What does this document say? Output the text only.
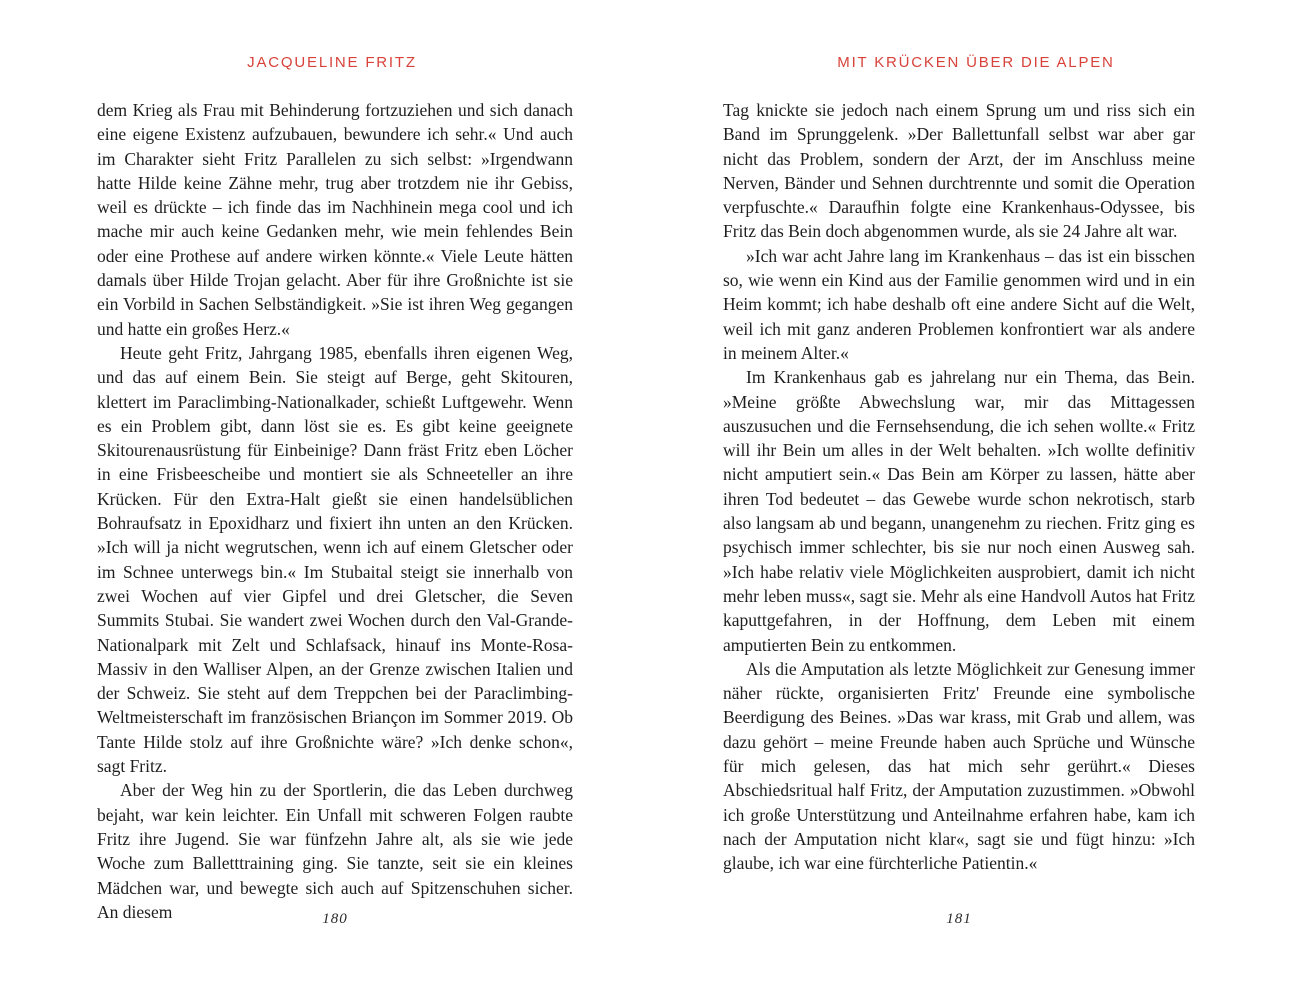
JACQUELINE FRITZ

dem Krieg als Frau mit Behinderung fortzuziehen und sich danach eine eigene Existenz aufzubauen, bewundere ich sehr.« Und auch im Charakter sieht Fritz Parallelen zu sich selbst: »Irgendwann hatte Hilde keine Zähne mehr, trug aber trotzdem nie ihr Gebiss, weil es drückte – ich finde das im Nachhinein mega cool und ich mache mir auch keine Gedanken mehr, wie mein fehlendes Bein oder eine Prothese auf andere wirken könnte.« Viele Leute hätten damals über Hilde Trojan gelacht. Aber für ihre Großnichte ist sie ein Vorbild in Sachen Selbständigkeit. »Sie ist ihren Weg gegangen und hatte ein großes Herz.«

Heute geht Fritz, Jahrgang 1985, ebenfalls ihren eigenen Weg, und das auf einem Bein. Sie steigt auf Berge, geht Skitouren, klettert im Paraclimbing-Nationalkader, schießt Luftgewehr. Wenn es ein Problem gibt, dann löst sie es. Es gibt keine geeignete Skitourenausrüstung für Einbeinige? Dann fräst Fritz eben Löcher in eine Frisbeescheibe und montiert sie als Schneeteller an ihre Krücken. Für den Extra-Halt gießt sie einen handelsüblichen Bohraufsatz in Epoxidharz und fixiert ihn unten an den Krücken. »Ich will ja nicht wegrutschen, wenn ich auf einem Gletscher oder im Schnee unterwegs bin.« Im Stubaital steigt sie innerhalb von zwei Wochen auf vier Gipfel und drei Gletscher, die Seven Summits Stubai. Sie wandert zwei Wochen durch den Val-Grande-Nationalpark mit Zelt und Schlafsack, hinauf ins Monte-Rosa-Massiv in den Walliser Alpen, an der Grenze zwischen Italien und der Schweiz. Sie steht auf dem Treppchen bei der Paraclimbing-Weltmeisterschaft im französischen Briançon im Sommer 2019. Ob Tante Hilde stolz auf ihre Großnichte wäre? »Ich denke schon«, sagt Fritz.

Aber der Weg hin zu der Sportlerin, die das Leben durchweg bejaht, war kein leichter. Ein Unfall mit schweren Folgen raubte Fritz ihre Jugend. Sie war fünfzehn Jahre alt, als sie wie jede Woche zum Balletttraining ging. Sie tanzte, seit sie ein kleines Mädchen war, und bewegte sich auch auf Spitzenschuhen sicher. An diesem	180
MIT KRÜCKEN ÜBER DIE ALPEN

Tag knickte sie jedoch nach einem Sprung um und riss sich ein Band im Sprunggelenk. »Der Ballettunfall selbst war aber gar nicht das Problem, sondern der Arzt, der im Anschluss meine Nerven, Bänder und Sehnen durchtrennte und somit die Operation verpfuschte.« Daraufhin folgte eine Krankenhaus-Odyssee, bis Fritz das Bein doch abgenommen wurde, als sie 24 Jahre alt war.

»Ich war acht Jahre lang im Krankenhaus – das ist ein bisschen so, wie wenn ein Kind aus der Familie genommen wird und in ein Heim kommt; ich habe deshalb oft eine andere Sicht auf die Welt, weil ich mit ganz anderen Problemen konfrontiert war als andere in meinem Alter.«

Im Krankenhaus gab es jahrelang nur ein Thema, das Bein. »Meine größte Abwechslung war, mir das Mittagessen auszusuchen und die Fernsehsendung, die ich sehen wollte.« Fritz will ihr Bein um alles in der Welt behalten. »Ich wollte definitiv nicht amputiert sein.« Das Bein am Körper zu lassen, hätte aber ihren Tod bedeutet – das Gewebe wurde schon nekrotisch, starb also langsam ab und begann, unangenehm zu riechen. Fritz ging es psychisch immer schlechter, bis sie nur noch einen Ausweg sah. »Ich habe relativ viele Möglichkeiten ausprobiert, damit ich nicht mehr leben muss«, sagt sie. Mehr als eine Handvoll Autos hat Fritz kaputtgefahren, in der Hoffnung, dem Leben mit einem amputierten Bein zu entkommen.

Als die Amputation als letzte Möglichkeit zur Genesung immer näher rückte, organisierten Fritz' Freunde eine symbolische Beerdigung des Beines. »Das war krass, mit Grab und allem, was dazu gehört – meine Freunde haben auch Sprüche und Wünsche für mich gelesen, das hat mich sehr gerührt.« Dieses Abschiedsritual half Fritz, der Amputation zuzustimmen. »Obwohl ich große Unterstützung und Anteilnahme erfahren habe, kam ich nach der Amputation nicht klar«, sagt sie und fügt hinzu: »Ich glaube, ich war eine fürchterliche Patientin.«

181
